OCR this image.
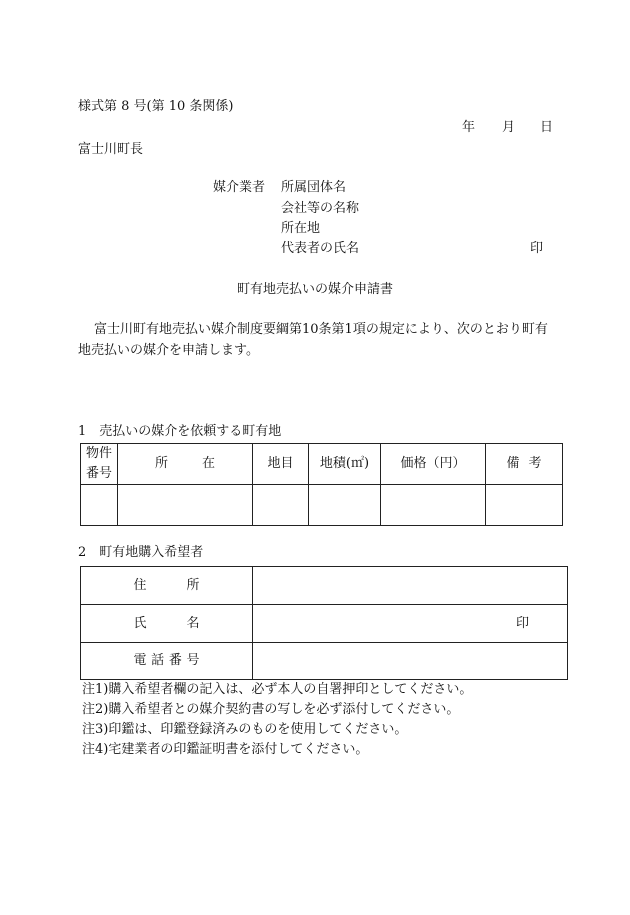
様式第 8 号(第 10 条関係)
年 月 日
富士川町長
媒介業者 所属団体名
会社等の名称
所在地
代表者の氏名	印
町有地売払いの媒介申請書
富士川町有地売払い媒介制度要綱第10条第1項の規定により、次のとおり町有
地売払いの媒介を申請します。
1　売払いの媒介を依頼する町有地
物件
番号	所在	地目	地積(㎡)	価格（円）	備考

2　町有地購入希望者
住所	
氏名	印
電話番号	
注1)購入希望者欄の記入は、必ず本人の自署押印としてください。
注2)購入希望者との媒介契約書の写しを必ず添付してください。
注3)印鑑は、印鑑登録済みのものを使用してください。
注4)宅建業者の印鑑証明書を添付してください。
